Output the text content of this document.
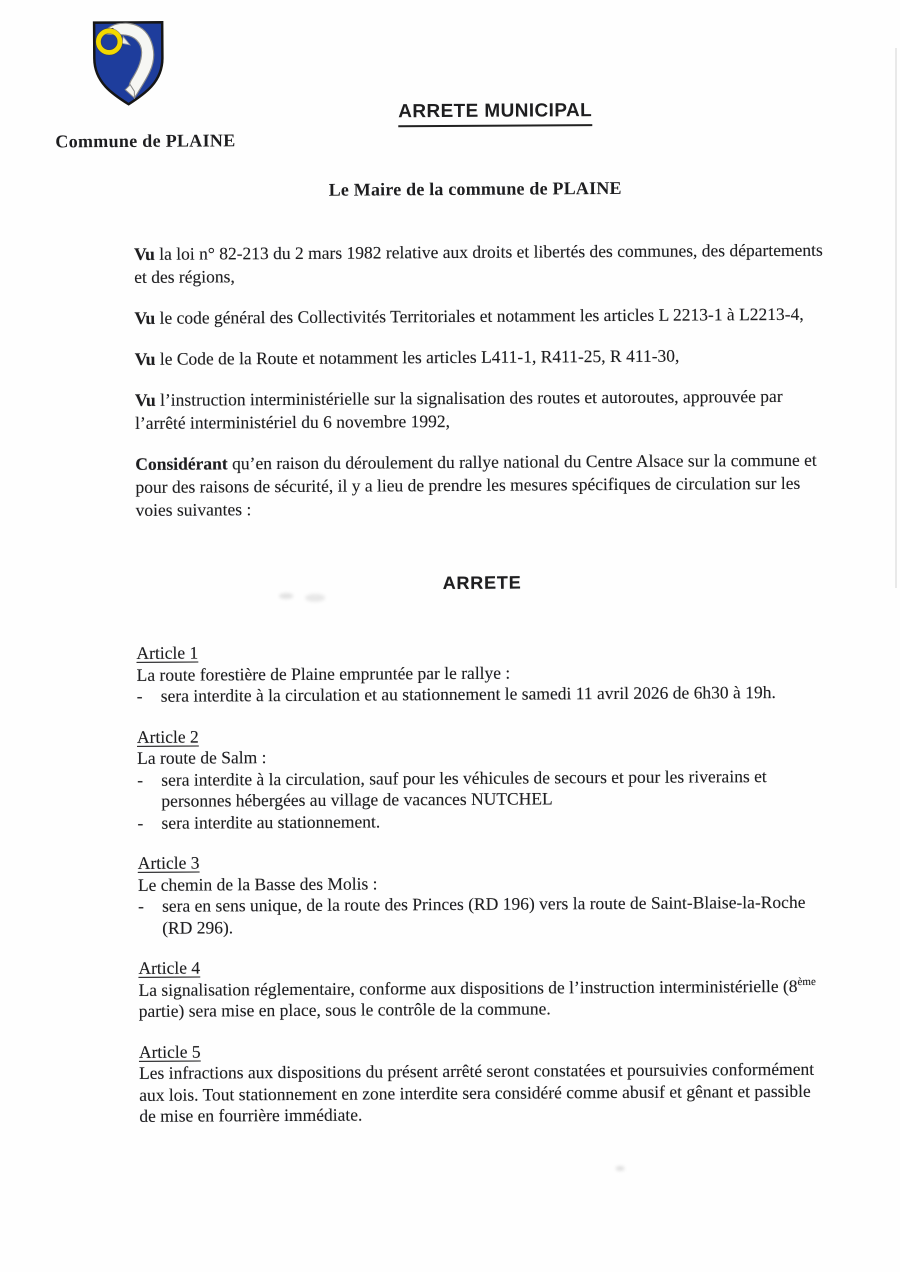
Commune de PLAINE
ARRETE MUNICIPAL
Le Maire de la commune de PLAINE

Vu la loi n° 82-213 du 2 mars 1982 relative aux droits et libertés des communes, des départements et des régions,

Vu le code général des Collectivités Territoriales et notamment les articles L 2213-1 à L2213-4,

Vu le Code de la Route et notamment les articles L411-1, R411-25, R 411-30,

Vu l’instruction interministérielle sur la signalisation des routes et autoroutes, approuvée par l’arrêté interministériel du 6 novembre 1992,

Considérant qu’en raison du déroulement du rallye national du Centre Alsace sur la commune et pour des raisons de sécurité, il y a lieu de prendre les mesures spécifiques de circulation sur les voies suivantes :

ARRETE
Article 1
La route forestière de Plaine empruntée par le rallye :
-	sera interdite à la circulation et au stationnement le samedi 11 avril 2026 de 6h30 à 19h.
Article 2
La route de Salm :
-	sera interdite à la circulation, sauf pour les véhicules de secours et pour les riverains et personnes hébergées au village de vacances NUTCHEL
-	sera interdite au stationnement.
Article 3
Le chemin de la Basse des Molis :
-	sera en sens unique, de la route des Princes (RD 196) vers la route de Saint-Blaise-la-Roche (RD 296).
Article 4
La signalisation réglementaire, conforme aux dispositions de l’instruction interministérielle (8ème partie) sera mise en place, sous le contrôle de la commune.
Article 5
Les infractions aux dispositions du présent arrêté seront constatées et poursuivies conformément aux lois. Tout stationnement en zone interdite sera considéré comme abusif et gênant et passible de mise en fourrière immédiate.
